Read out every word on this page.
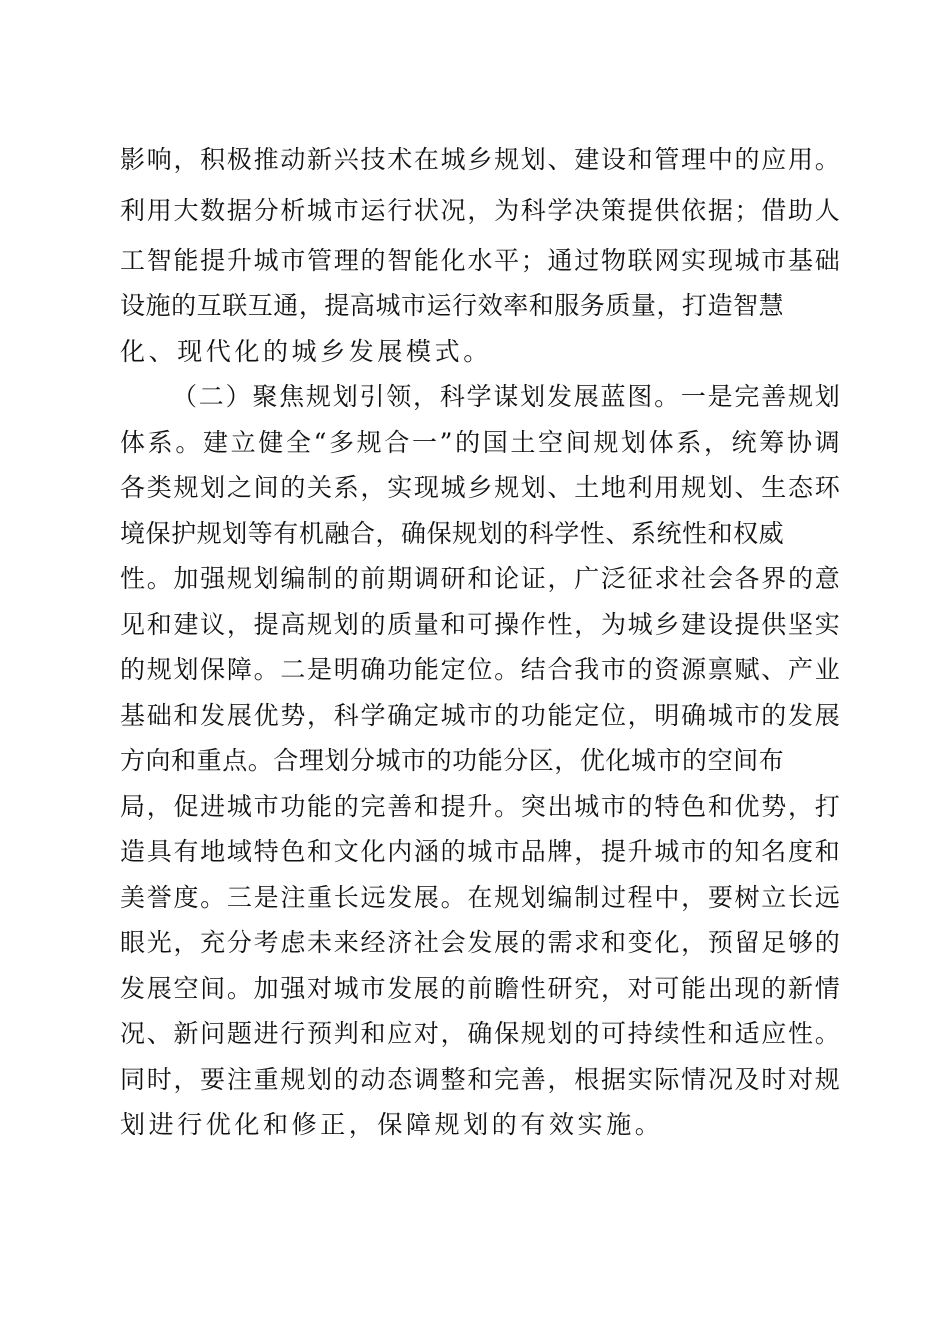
影 响 ， 积 极 推 动 新 兴 技 术 在 城 乡 规 划 、 建 设 和 管 理 中 的 应 用 。
利 用 大 数 据 分 析 城 市 运 行 状 况 ， 为 科 学 决 策 提 供 依 据 ； 借 助 人
工 智 能 提 升 城 市 管 理 的 智 能 化 水 平 ； 通 过 物 联 网 实 现 城 市 基 础
设 施 的 互 联 互 通 ， 提 高 城 市 运 行 效 率 和 服 务 质 量 ， 打 造 智 慧
化、现代化的城乡发展模式。
（ 二 ） 聚 焦 规 划 引 领 ， 科 学 谋 划 发 展 蓝 图 。 一 是 完 善 规 划
体 系 。 建 立 健 全 “ 多 规 合 一 ” 的 国 土 空 间 规 划 体 系 ， 统 筹 协 调
各 类 规 划 之 间 的 关 系 ， 实 现 城 乡 规 划 、 土 地 利 用 规 划 、 生 态 环
境 保 护 规 划 等 有 机 融 合 ， 确 保 规 划 的 科 学 性 、 系 统 性 和 权 威
性 。 加 强 规 划 编 制 的 前 期 调 研 和 论 证 ， 广 泛 征 求 社 会 各 界 的 意
见 和 建 议 ， 提 高 规 划 的 质 量 和 可 操 作 性 ， 为 城 乡 建 设 提 供 坚 实
的 规 划 保 障 。 二 是 明 确 功 能 定 位 。 结 合 我 市 的 资 源 禀 赋 、 产 业
基 础 和 发 展 优 势 ， 科 学 确 定 城 市 的 功 能 定 位 ， 明 确 城 市 的 发 展
方 向 和 重 点 。 合 理 划 分 城 市 的 功 能 分 区 ， 优 化 城 市 的 空 间 布
局 ， 促 进 城 市 功 能 的 完 善 和 提 升 。 突 出 城 市 的 特 色 和 优 势 ， 打
造 具 有 地 域 特 色 和 文 化 内 涵 的 城 市 品 牌 ， 提 升 城 市 的 知 名 度 和
美 誉 度 。 三 是 注 重 长 远 发 展 。 在 规 划 编 制 过 程 中 ， 要 树 立 长 远
眼 光 ， 充 分 考 虑 未 来 经 济 社 会 发 展 的 需 求 和 变 化 ， 预 留 足 够 的
发 展 空 间 。 加 强 对 城 市 发 展 的 前 瞻 性 研 究 ， 对 可 能 出 现 的 新 情
况 、 新 问 题 进 行 预 判 和 应 对 ， 确 保 规 划 的 可 持 续 性 和 适 应 性 。
同 时 ， 要 注 重 规 划 的 动 态 调 整 和 完 善 ， 根 据 实 际 情 况 及 时 对 规
划进行优化和修正，保障规划的有效实施。
